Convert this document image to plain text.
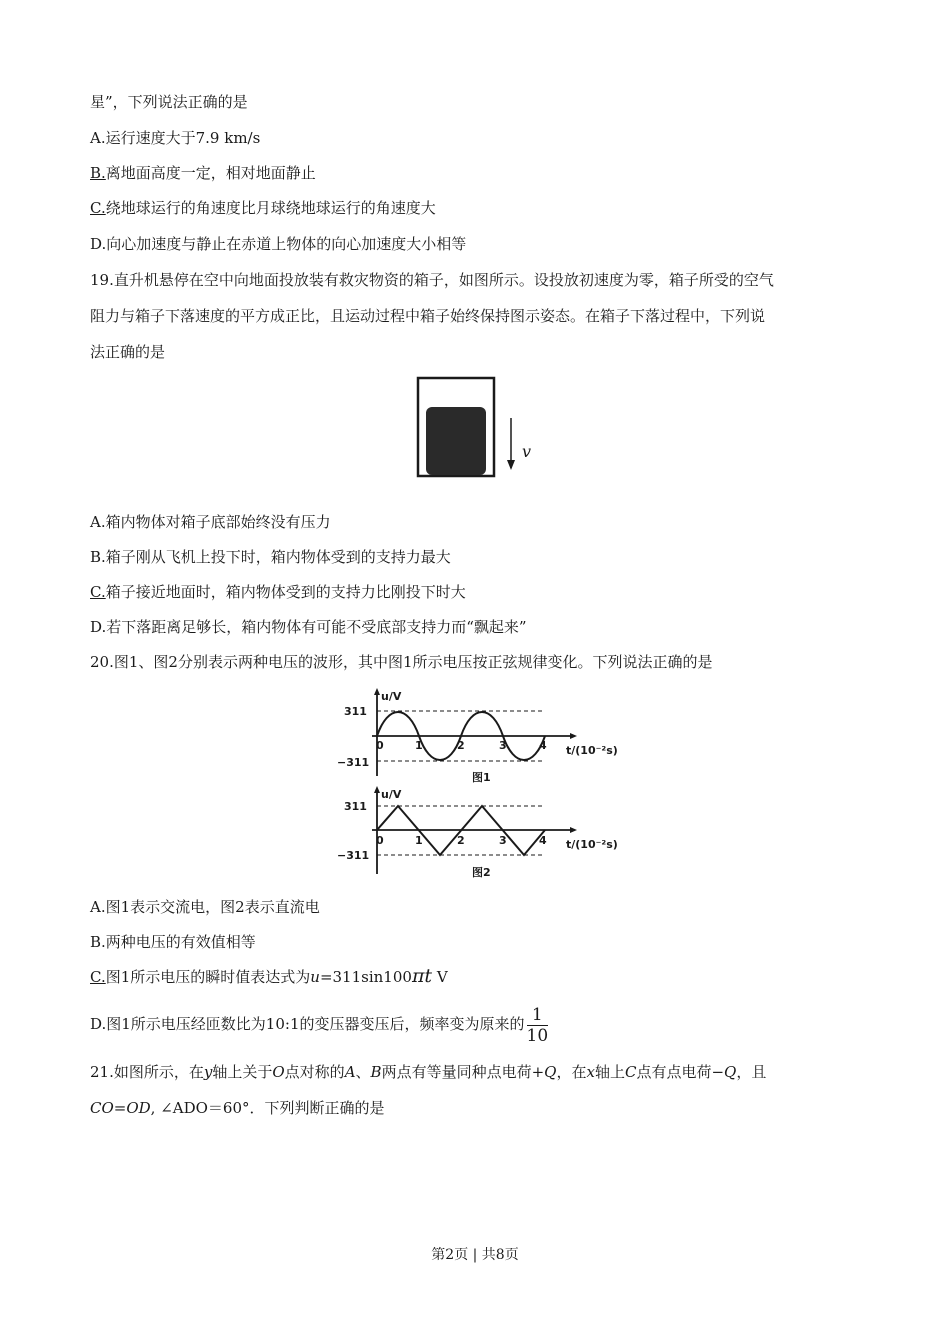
星”，下列说法正确的是
A.运行速度大于7.9 km/s
B.离地面高度一定，相对地面静止
C.绕地球运行的角速度比月球绕地球运行的角速度大
D.向心加速度与静止在赤道上物体的向心加速度大小相等
19.直升机悬停在空中向地面投放装有救灾物资的箱子，如图所示。设投放初速度为零，箱子所受的空气
阻力与箱子下落速度的平方成正比，且运动过程中箱子始终保持图示姿态。在箱子下落过程中，下列说
法正确的是
v
A.箱内物体对箱子底部始终没有压力
B.箱子刚从飞机上投下时，箱内物体受到的支持力最大
C.箱子接近地面时，箱内物体受到的支持力比刚投下时大
D.若下落距离足够长，箱内物体有可能不受底部支持力而“飘起来”
20.图1、图2分别表示两种电压的波形，其中图1所示电压按正弦规律变化。下列说法正确的是
u/V
311
−311
0	1	2	3	4 t/(10⁻²s)
图1
u/V
311
−311
0	1	2	3	4 t/(10⁻²s)
图2
A.图1表示交流电，图2表示直流电
B.两种电压的有效值相等
C.图1所示电压的瞬时值表达式为u=311sin100πt V
D.图1所示电压经匝数比为10:1的变压器变压后，频率变为原来的 $\frac{1}{10}$
21.如图所示，在y轴上关于O点对称的A、B两点有等量同种点电荷+Q，在x轴上C点有点电荷−Q，且
CO=OD, ∠ADO＝60°．下列判断正确的是
第2页 | 共8页
